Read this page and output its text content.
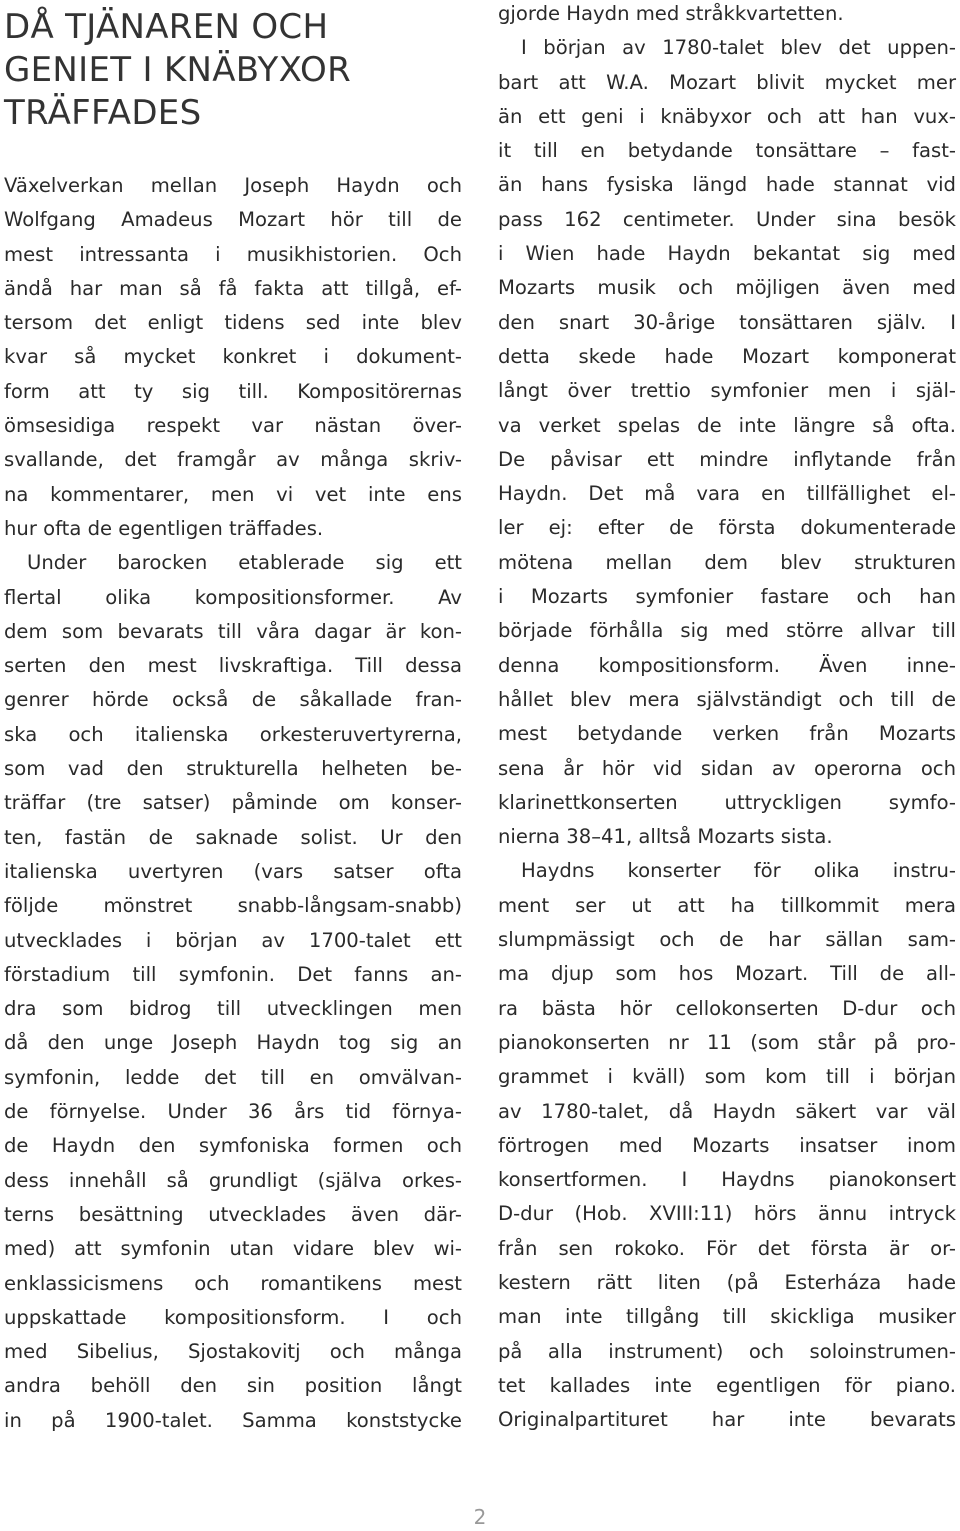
DÅ TJÄNAREN OCH
GENIET I KNÄBYXOR
TRÄFFADES
Växelverkan mellan Joseph Haydn och
Wolfgang Amadeus Mozart hör till de
mest intressanta i musikhistorien. Och
ändå har man så få fakta att tillgå, ef-
tersom det enligt tidens sed inte blev
kvar så mycket konkret i dokument-
form att ty sig till. Kompositörernas
ömsesidiga respekt var nästan över-
svallande, det framgår av många skriv-
na kommentarer, men vi vet inte ens
hur ofta de egentligen träffades.
Under barocken etablerade sig ett
flertal olika kompositionsformer. Av
dem som bevarats till våra dagar är kon-
serten den mest livskraftiga. Till dessa
genrer hörde också de såkallade fran-
ska och italienska orkesteruvertyrerna,
som vad den strukturella helheten be-
träffar (tre satser) påminde om konser-
ten, fastän de saknade solist. Ur den
italienska uvertyren (vars satser ofta
följde mönstret snabb-långsam-snabb)
utvecklades i början av 1700-talet ett
förstadium till symfonin. Det fanns an-
dra som bidrog till utvecklingen men
då den unge Joseph Haydn tog sig an
symfonin, ledde det till en omvälvan-
de förnyelse. Under 36 års tid förnya-
de Haydn den symfoniska formen och
dess innehåll så grundligt (själva orkes-
terns besättning utvecklades även där-
med) att symfonin utan vidare blev wi-
enklassicismens och romantikens mest
uppskattade kompositionsform. I och
med Sibelius, Sjostakovitj och många
andra behöll den sin position långt
in på 1900-talet. Samma konststycke
gjorde Haydn med stråkkvartetten.
I början av 1780-talet blev det uppen-
bart att W.A. Mozart blivit mycket mer
än ett geni i knäbyxor och att han vux-
it till en betydande tonsättare – fast-
än hans fysiska längd hade stannat vid
pass 162 centimeter. Under sina besök
i Wien hade Haydn bekantat sig med
Mozarts musik och möjligen även med
den snart 30-årige tonsättaren själv. I
detta skede hade Mozart komponerat
långt över trettio symfonier men i själ-
va verket spelas de inte längre så ofta.
De påvisar ett mindre inflytande från
Haydn. Det må vara en tillfällighet el-
ler ej: efter de första dokumenterade
mötena mellan dem blev strukturen
i Mozarts symfonier fastare och han
började förhålla sig med större allvar till
denna kompositionsform. Även inne-
hållet blev mera självständigt och till de
mest betydande verken från Mozarts
sena år hör vid sidan av operorna och
klarinettkonserten uttryckligen symfo-
nierna 38–41, alltså Mozarts sista.
Haydns konserter för olika instru-
ment ser ut att ha tillkommit mera
slumpmässigt och de har sällan sam-
ma djup som hos Mozart. Till de all-
ra bästa hör cellokonserten D-dur och
pianokonserten nr 11 (som står på pro-
grammet i kväll) som kom till i början
av 1780-talet, då Haydn säkert var väl
förtrogen med Mozarts insatser inom
konsertformen. I Haydns pianokonsert
D-dur (Hob. XVIII:11) hörs ännu intryck
från sen rokoko. För det första är or-
kestern rätt liten (på Esterháza hade
man inte tillgång till skickliga musiker
på alla instrument) och soloinstrumen-
tet kallades inte egentligen för piano.
Originalpartituret har inte bevarats
2
